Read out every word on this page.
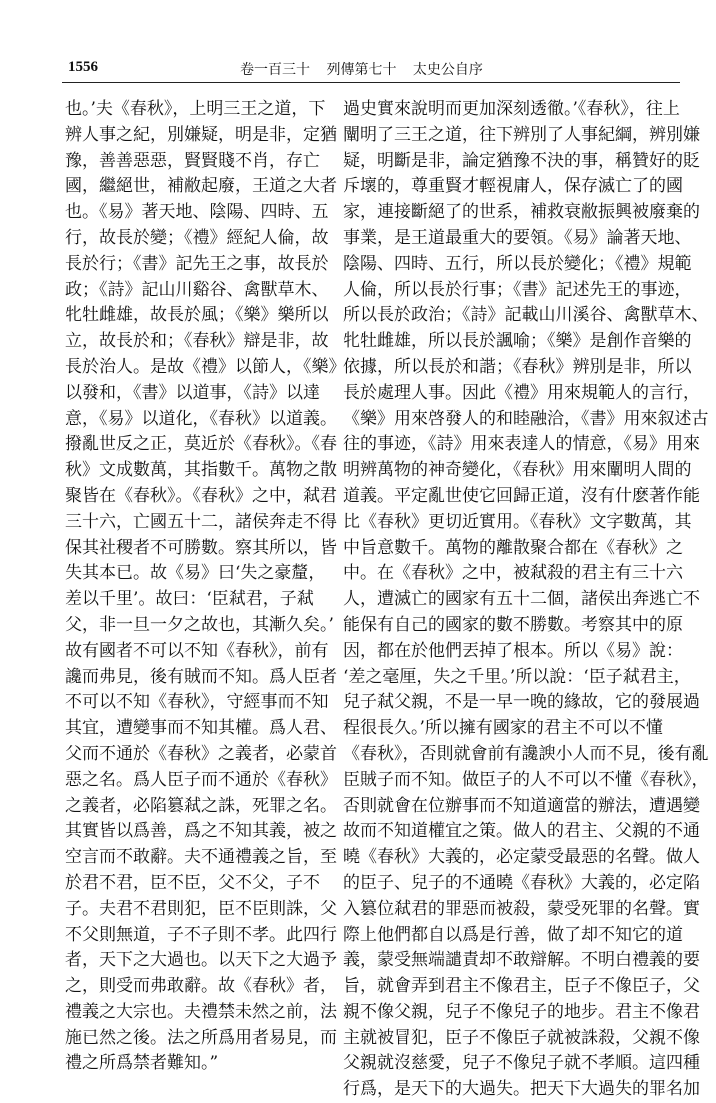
1556	卷一百三十 列傳第七十 太史公自序

也。’夫《春秋》，上明三王之道，下

辨人事之紀，別嫌疑，明是非，定猶

豫，善善惡惡，賢賢賤不肖，存亡

國，繼絕世，補敝起廢，王道之大者

也。《易》著天地、陰陽、四時、五

行，故長於變；《禮》經紀人倫，故

長於行；《書》記先王之事，故長於

政；《詩》記山川谿谷、禽獸草木、

牝牡雌雄，故長於風；《樂》樂所以

立，故長於和；《春秋》辯是非，故

長於治人。是故《禮》以節人，《樂》

以發和，《書》以道事，《詩》以達

意，《易》以道化，《春秋》以道義。

撥亂世反之正，莫近於《春秋》。《春

秋》文成數萬，其指數千。萬物之散

聚皆在《春秋》。《春秋》之中，弒君

三十六，亡國五十二，諸侯奔走不得

保其社稷者不可勝數。察其所以，皆

失其本已。故《易》曰‘失之豪釐，

差以千里’。故曰：‘臣弒君，子弒

父，非一旦一夕之故也，其漸久矣。’

故有國者不可以不知《春秋》，前有

讒而弗見，後有賊而不知。爲人臣者

不可以不知《春秋》，守經事而不知

其宜，遭變事而不知其權。爲人君、

父而不通於《春秋》之義者，必蒙首

惡之名。爲人臣子而不通於《春秋》

之義者，必陷篡弒之誅，死罪之名。

其實皆以爲善，爲之不知其義，被之

空言而不敢辭。夫不通禮義之旨，至

於君不君，臣不臣，父不父，子不

子。夫君不君則犯，臣不臣則誅，父

不父則無道，子不子則不孝。此四行

者，天下之大過也。以天下之大過予

之，則受而弗敢辭。故《春秋》者，

禮義之大宗也。夫禮禁未然之前，法

施已然之後。法之所爲用者易見，而

禮之所爲禁者難知。”

過史實來說明而更加深刻透徹。’《春秋》，往上

闡明了三王之道，往下辨別了人事紀綱，辨別嫌

疑，明斷是非，論定猶豫不決的事，稱贊好的貶

斥壞的，尊重賢才輕視庸人，保存滅亡了的國

家，連接斷絕了的世系，補救衰敝振興被廢棄的

事業，是王道最重大的要領。《易》論著天地、

陰陽、四時、五行，所以長於變化；《禮》規範

人倫，所以長於行事；《書》記述先王的事迹，

所以長於政治；《詩》記載山川溪谷、禽獸草木、

牝牡雌雄，所以長於諷喻；《樂》是創作音樂的

依據，所以長於和諧；《春秋》辨別是非，所以

長於處理人事。因此《禮》用來規範人的言行，

《樂》用來啓發人的和睦融洽，《書》用來叙述古

往的事迹，《詩》用來表達人的情意，《易》用來

明辨萬物的神奇變化，《春秋》用來闡明人間的

道義。平定亂世使它回歸正道，沒有什麽著作能

比《春秋》更切近實用。《春秋》文字數萬，其

中旨意數千。萬物的離散聚合都在《春秋》之

中。在《春秋》之中，被弒殺的君主有三十六

人，遭滅亡的國家有五十二個，諸侯出奔逃亡不

能保有自己的國家的數不勝數。考察其中的原

因，都在於他們丟掉了根本。所以《易》說：

‘差之毫厘，失之千里。’所以說：‘臣子弒君主，

兒子弒父親，不是一早一晚的緣故，它的發展過

程很長久。’所以擁有國家的君主不可以不懂

《春秋》，否則就會前有讒諛小人而不見，後有亂

臣賊子而不知。做臣子的人不可以不懂《春秋》，

否則就會在位辦事而不知道適當的辦法，遭遇變

故而不知道權宜之策。做人的君主、父親的不通

曉《春秋》大義的，必定蒙受最惡的名聲。做人

的臣子、兒子的不通曉《春秋》大義的，必定陷

入篡位弒君的罪惡而被殺，蒙受死罪的名聲。實

際上他們都自以爲是行善，做了却不知它的道

義，蒙受無端譴責却不敢辯解。不明白禮義的要

旨，就會弄到君主不像君主，臣子不像臣子，父

親不像父親，兒子不像兒子的地步。君主不像君

主就被冒犯，臣子不像臣子就被誅殺，父親不像

父親就沒慈愛，兒子不像兒子就不孝順。這四種

行爲，是天下的大過失。把天下大過失的罪名加
